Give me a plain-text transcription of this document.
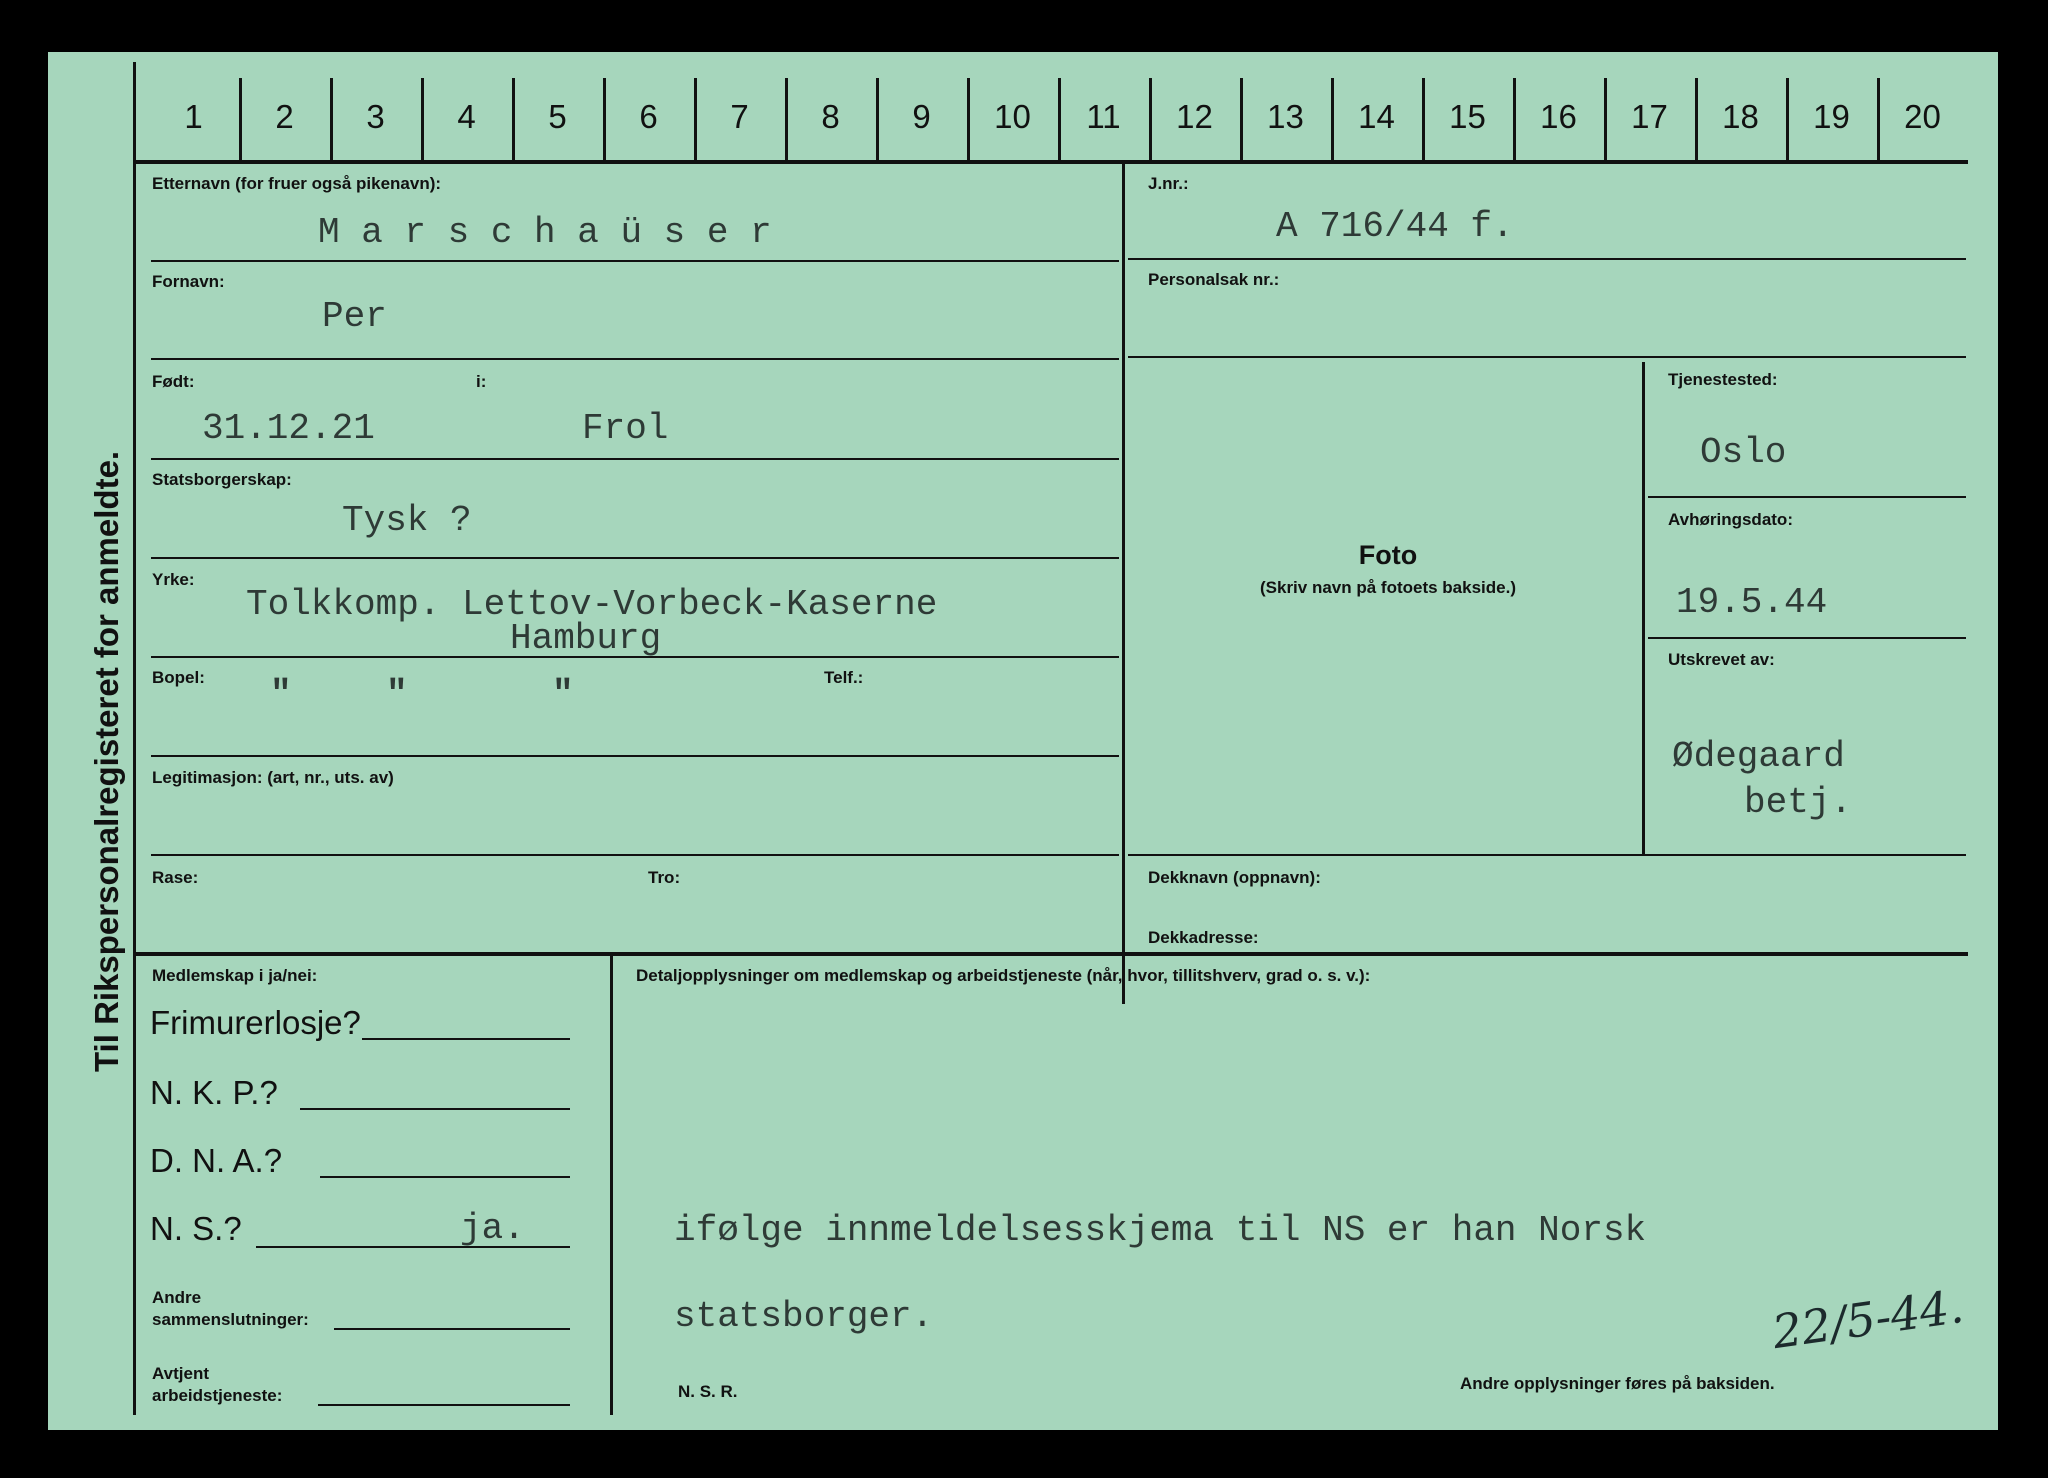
Til Rikspersonalregisteret for anmeldte.
1	2	3	4	5	6	7	8	9	10	11	12	13	14	15	16	17	18	19	20
Etternavn (for fruer også pikenavn):
M a r s c h a ü s e r
J.nr.:
A 716/44 f.
Fornavn:
Per
Personalsak nr.:
Født:	i:
31.12.21	Frol
Tjenestested:
Oslo
Statsborgerskap:
Tysk ?	Avhøringsdato:
19.5.44
Foto
(Skriv navn på fotoets bakside.)
Yrke:
Tolkkomp. Lettov-Vorbeck-Kaserne
Hamburg
Bopel: "	"	"	Telf.:
Utskrevet av:
Ødegaard
betj.
Legitimasjon: (art, nr., uts. av)
Rase:	Tro:	Dekknavn (oppnavn):
Dekkadresse:
Medlemskap i ja/nei:
Frimurerlosje?
N. K. P.?
D. N. A.?
N. S.?	ja.
Andre
sammenslutninger:
Avtjent
arbeidstjeneste:
Detaljopplysninger om medlemskap og arbeidstjeneste (når, hvor, tillitshverv, grad o. s. v.):
ifølge innmeldelsesskjema til NS er han Norsk
statsborger.	22/5-44.
N. S. R.	Andre opplysninger føres på baksiden.
